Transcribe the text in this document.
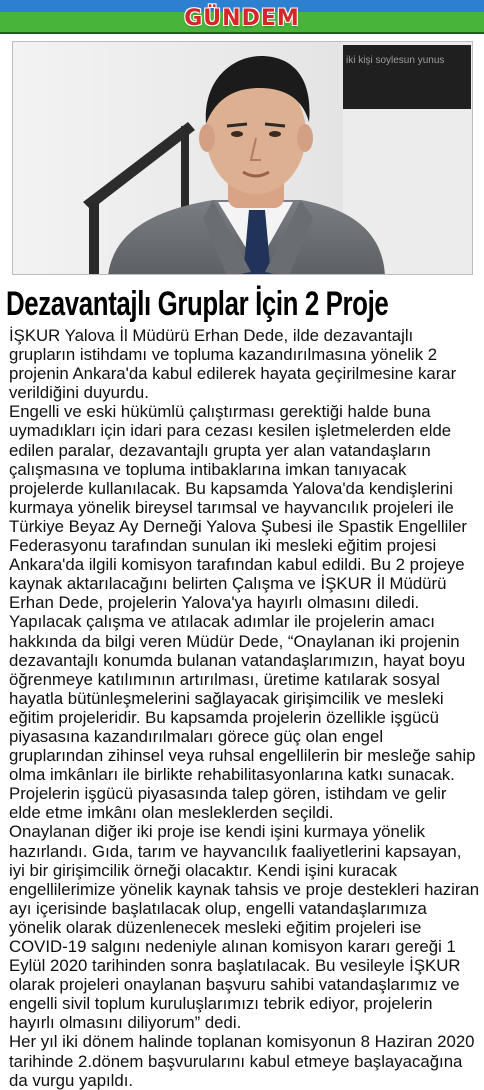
GÜNDEM
iki kişi soylesun yunus
Dezavantajlı Gruplar İçin 2 Proje

İŞKUR Yalova İl Müdürü Erhan Dede, ilde dezavantajlı grupların istihdamı ve topluma kazandırılmasına yönelik 2 projenin Ankara'da kabul edilerek hayata geçirilmesine karar verildiğini duyurdu.

Engelli ve eski hükümlü çalıştırması gerektiği halde buna uymadıkları için idari para cezası kesilen işletmelerden elde edilen paralar, dezavantajlı grupta yer alan vatandaşların çalışmasına ve topluma intibaklarına imkan tanıyacak projelerde kullanılacak. Bu kapsamda Yalova'da kendişlerini kurmaya yönelik bireysel tarımsal ve hayvancılık projeleri ile Türkiye Beyaz Ay Derneği Yalova Şubesi ile Spastik Engelliler Federasyonu tarafından sunulan iki mesleki eğitim projesi Ankara'da ilgili komisyon tarafından kabul edildi. Bu 2 projeye kaynak aktarılacağını belirten Çalışma ve İŞKUR İl Müdürü Erhan Dede, projelerin Yalova'ya hayırlı olmasını diledi.

Yapılacak çalışma ve atılacak adımlar ile projelerin amacı hakkında da bilgi veren Müdür Dede, “Onaylanan iki projenin dezavantajlı konumda bulanan vatandaşlarımızın, hayat boyu öğrenmeye katılımının artırılması, üretime katılarak sosyal hayatla bütünleşmelerini sağlayacak girişimcilik ve mesleki eğitim projeleridir. Bu kapsamda projelerin özellikle işgücü piyasasına kazandırılmaları görece güç olan engel gruplarından zihinsel veya ruhsal engellilerin bir mesleğe sahip olma imkânları ile birlikte rehabilitasyonlarına katkı sunacak. Projelerin işgücü piyasasında talep gören, istihdam ve gelir elde etme imkânı olan mesleklerden seçildi.

Onaylanan diğer iki proje ise kendi işini kurmaya yönelik hazırlandı. Gıda, tarım ve hayvancılık faaliyetlerini kapsayan, iyi bir girişimcilik örneği olacaktır. Kendi işini kuracak engellilerimize yönelik kaynak tahsis ve proje destekleri haziran ayı içerisinde başlatılacak olup, engelli vatandaşlarımıza yönelik olarak düzenlenecek mesleki eğitim projeleri ise COVID-19 salgını nedeniyle alınan komisyon kararı gereği 1 Eylül 2020 tarihinden sonra başlatılacak. Bu vesileyle İŞKUR olarak projeleri onaylanan başvuru sahibi vatandaşlarımız ve engelli sivil toplum kuruluşlarımızı tebrik ediyor, projelerin hayırlı olmasını diliyorum” dedi.

Her yıl iki dönem halinde toplanan komisyonun 8 Haziran 2020 tarihinde 2.dönem başvurularını kabul etmeye başlayacağına da vurgu yapıldı.
